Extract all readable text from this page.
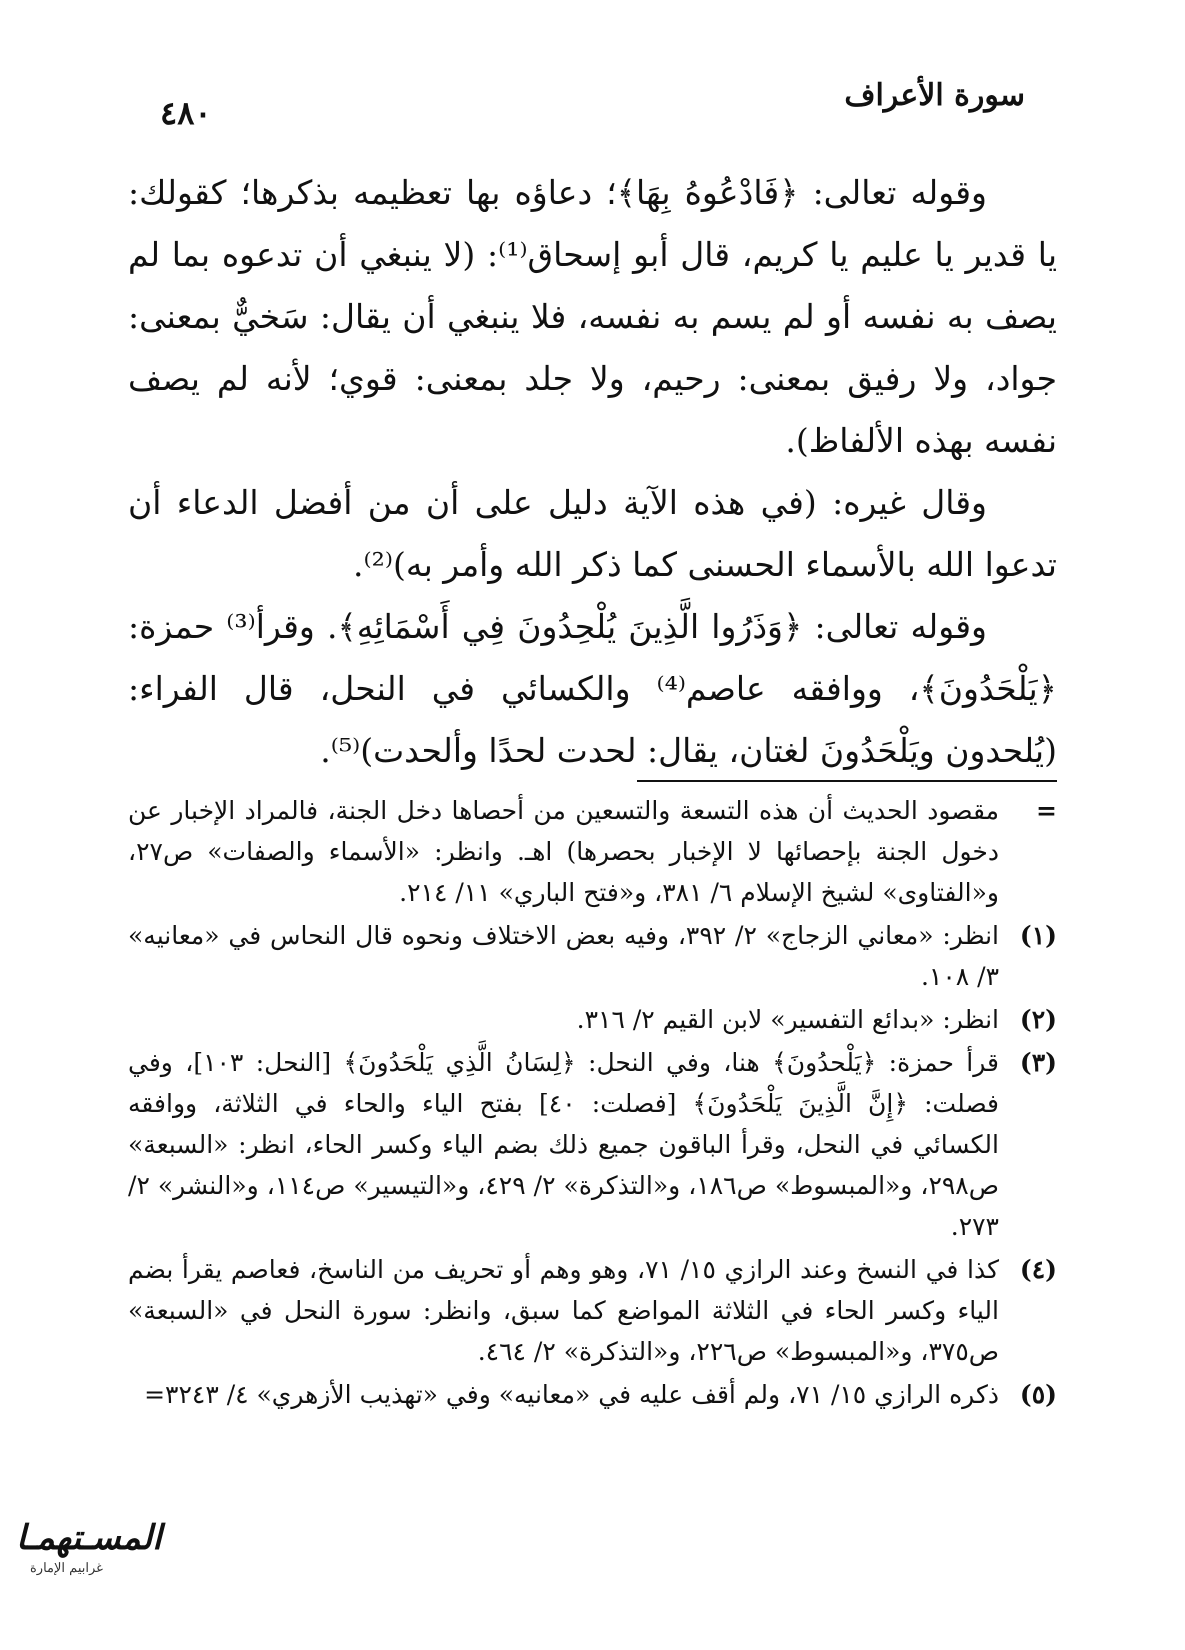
سورة الأعراف
٤٨٠

وقوله تعالى: ﴿فَادْعُوهُ بِهَا﴾؛ دعاؤه بها تعظيمه بذكرها؛ كقولك: يا قدير يا عليم يا كريم، قال أبو إسحاق⁽¹⁾: (لا ينبغي أن تدعوه بما لم يصف به نفسه أو لم يسم به نفسه، فلا ينبغي أن يقال: سَخيٌّ بمعنى: جواد، ولا رفيق بمعنى: رحيم، ولا جلد بمعنى: قوي؛ لأنه لم يصف نفسه بهذه الألفاظ).

وقال غيره: (في هذه الآية دليل على أن من أفضل الدعاء أن تدعوا الله بالأسماء الحسنى كما ذكر الله وأمر به)⁽²⁾.

وقوله تعالى: ﴿وَذَرُوا الَّذِينَ يُلْحِدُونَ فِي أَسْمَائِهِ﴾. وقرأ⁽³⁾ حمزة: ﴿يَلْحَدُونَ﴾، ووافقه عاصم⁽⁴⁾ والكسائي في النحل، قال الفراء: (يُلحدون ويَلْحَدُونَ لغتان، يقال: لحدت لحدًا وألحدت)⁽⁵⁾.

=
مقصود الحديث أن هذه التسعة والتسعين من أحصاها دخل الجنة، فالمراد الإخبار عن دخول الجنة بإحصائها لا الإخبار بحصرها) اهـ. وانظر: «الأسماء والصفات» ص٢٧، و«الفتاوى» لشيخ الإسلام ٦/ ٣٨١، و«فتح الباري» ١١/ ٢١٤.
(١)
انظر: «معاني الزجاج» ٢/ ٣٩٢، وفيه بعض الاختلاف ونحوه قال النحاس في «معانيه» ٣/ ١٠٨.
(٢)
انظر: «بدائع التفسير» لابن القيم ٢/ ٣١٦.
(٣)
قرأ حمزة: ﴿يَلْحدُونَ﴾ هنا، وفي النحل: ﴿لِسَانُ الَّذِي يَلْحَدُونَ﴾ [النحل: ١٠٣]، وفي فصلت: ﴿إِنَّ الَّذِينَ يَلْحَدُونَ﴾ [فصلت: ٤٠] بفتح الياء والحاء في الثلاثة، ووافقه الكسائي في النحل، وقرأ الباقون جميع ذلك بضم الياء وكسر الحاء، انظر: «السبعة» ص٢٩٨، و«المبسوط» ص١٨٦، و«التذكرة» ٢/ ٤٢٩، و«التيسير» ص١١٤، و«النشر» ٢/ ٢٧٣.
(٤)
كذا في النسخ وعند الرازي ١٥/ ٧١، وهو وهم أو تحريف من الناسخ، فعاصم يقرأ بضم الياء وكسر الحاء في الثلاثة المواضع كما سبق، وانظر: سورة النحل في «السبعة» ص٣٧٥، و«المبسوط» ص٢٢٦، و«التذكرة» ٢/ ٤٦٤.
(٥)
ذكره الرازي ١٥/ ٧١، ولم أقف عليه في «معانيه» وفي «تهذيب الأزهري» ٤/ ٣٢٤٣=
المسـتهمـا
غرابيم الإمارة
